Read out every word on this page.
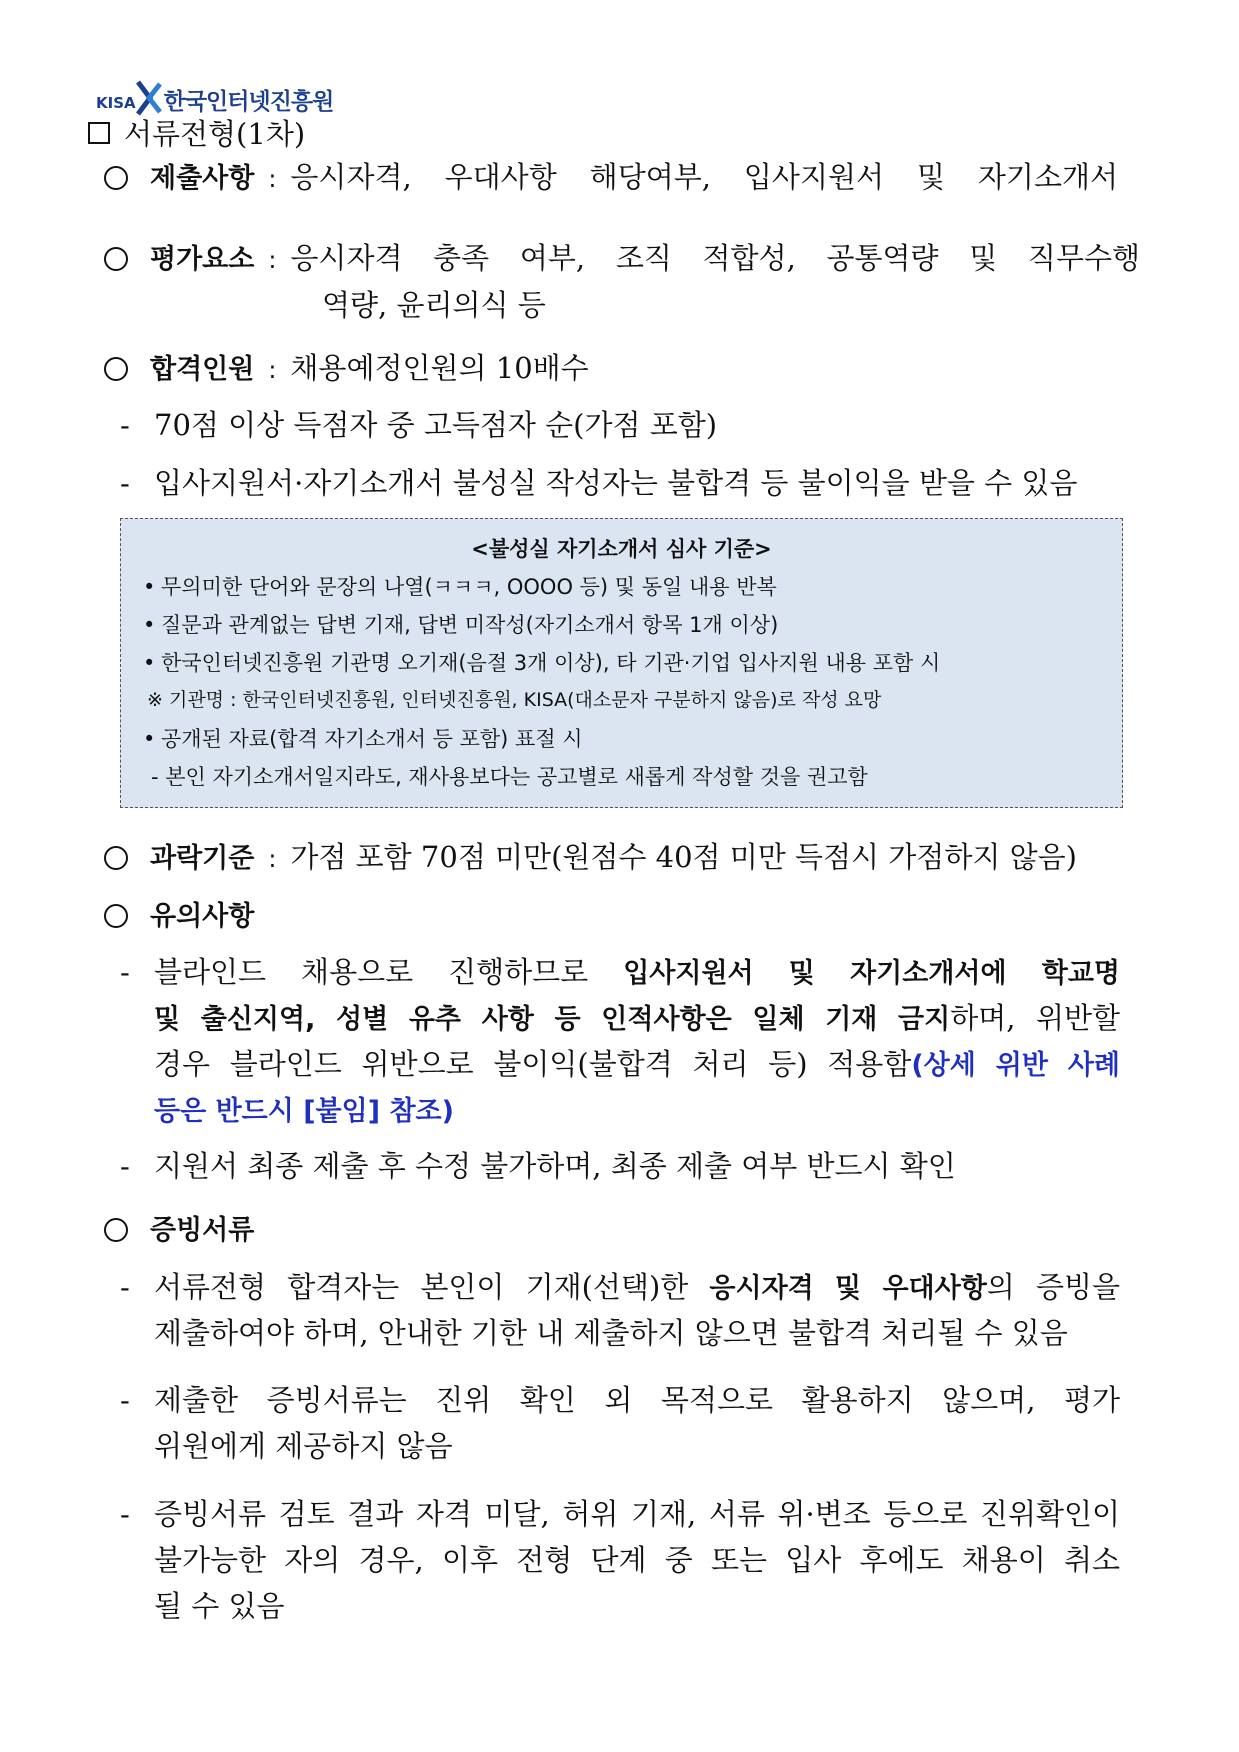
KISA 한국인터넷진흥원
서류전형(1차)
제출사항 : 응시자격, 우대사항 해당여부, 입사지원서 및 자기소개서
평가요소 : 응시자격 충족 여부, 조직 적합성, 공통역량 및 직무수행
역량, 윤리의식 등
합격인원 : 채용예정인원의 10배수
- 70점 이상 득점자 중 고득점자 순(가점 포함)
- 입사지원서·자기소개서 불성실 작성자는 불합격 등 불이익을 받을 수 있음
<불성실 자기소개서 심사 기준>
• 무의미한 단어와 문장의 나열(ㅋㅋㅋ, OOOO 등) 및 동일 내용 반복
• 질문과 관계없는 답변 기재, 답변 미작성(자기소개서 항목 1개 이상)
• 한국인터넷진흥원 기관명 오기재(음절 3개 이상), 타 기관·기업 입사지원 내용 포함 시
※ 기관명 : 한국인터넷진흥원, 인터넷진흥원, KISA(대소문자 구분하지 않음)로 작성 요망
• 공개된 자료(합격 자기소개서 등 포함) 표절 시
- 본인 자기소개서일지라도, 재사용보다는 공고별로 새롭게 작성할 것을 권고함
과락기준 : 가점 포함 70점 미만(원점수 40점 미만 득점시 가점하지 않음)
유의사항
- 블라인드 채용으로 진행하므로 입사지원서 및 자기소개서에 학교명
및 출신지역, 성별 유추 사항 등 인적사항은 일체 기재 금지하며, 위반할
경우 블라인드 위반으로 불이익(불합격 처리 등) 적용함(상세 위반 사례
등은 반드시 [붙임] 참조)
- 지원서 최종 제출 후 수정 불가하며, 최종 제출 여부 반드시 확인
증빙서류
- 서류전형 합격자는 본인이 기재(선택)한 응시자격 및 우대사항의 증빙을
제출하여야 하며, 안내한 기한 내 제출하지 않으면 불합격 처리될 수 있음
- 제출한 증빙서류는 진위 확인 외 목적으로 활용하지 않으며, 평가
위원에게 제공하지 않음
- 증빙서류 검토 결과 자격 미달, 허위 기재, 서류 위·변조 등으로 진위확인이
불가능한 자의 경우, 이후 전형 단계 중 또는 입사 후에도 채용이 취소
될 수 있음
